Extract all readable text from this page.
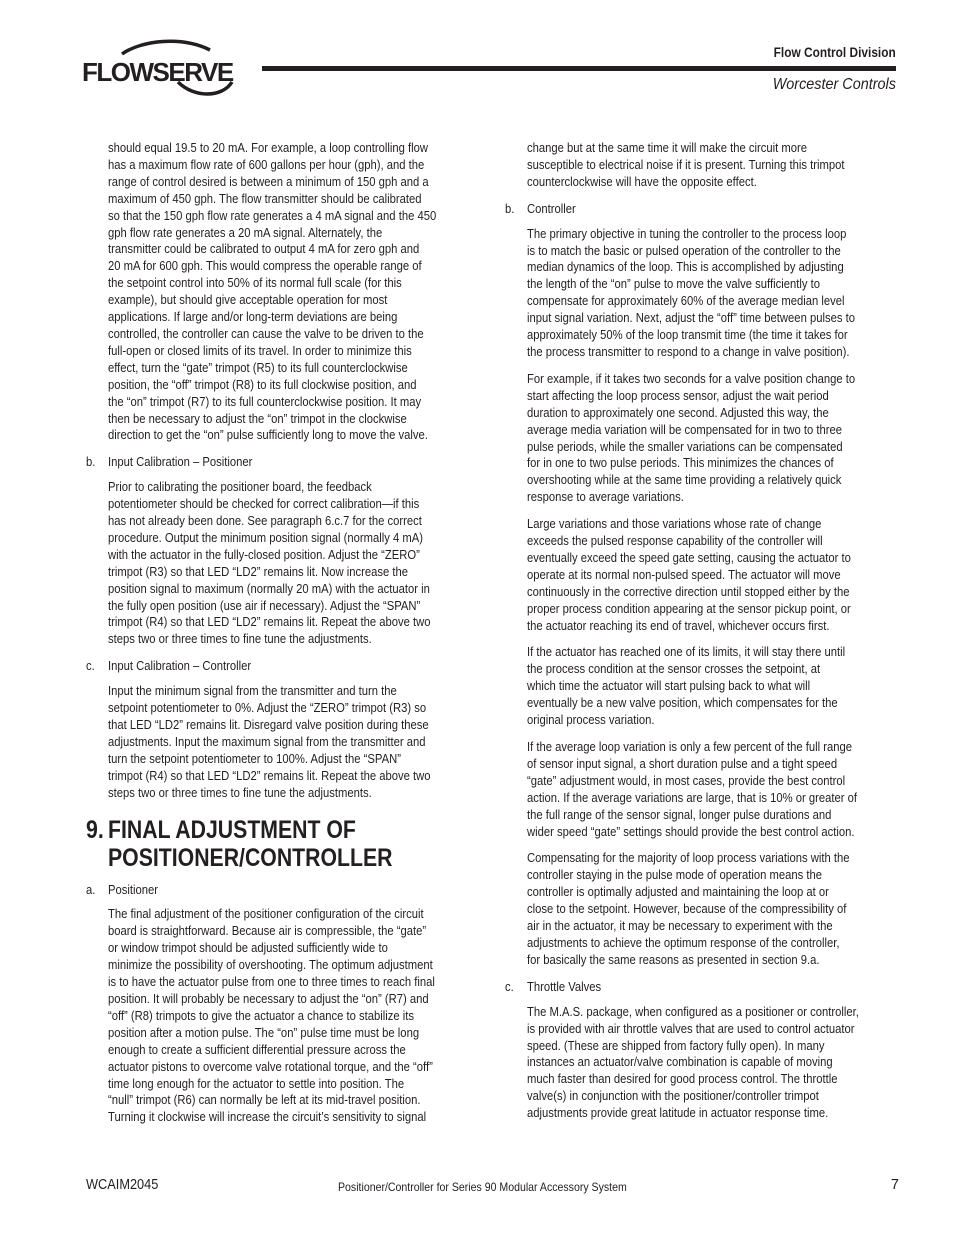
FLOWSERVE
Flow Control Division
Worcester Controls
should equal 19.5 to 20 mA. For example, a loop controlling flow
has a maximum flow rate of 600 gallons per hour (gph), and the
range of control desired is between a minimum of 150 gph and a
maximum of 450 gph. The flow transmitter should be calibrated
so that the 150 gph flow rate generates a 4 mA signal and the 450
gph flow rate generates a 20 mA signal. Alternately, the
transmitter could be calibrated to output 4 mA for zero gph and
20 mA for 600 gph. This would compress the operable range of
the setpoint control into 50% of its normal full scale (for this
example), but should give acceptable operation for most
applications. If large and/or long-term deviations are being
controlled, the controller can cause the valve to be driven to the
full-open or closed limits of its travel. In order to minimize this
effect, turn the “gate” trimpot (R5) to its full counterclockwise
position, the “off” trimpot (R8) to its full clockwise position, and
the “on” trimpot (R7) to its full counterclockwise position. It may
then be necessary to adjust the “on” trimpot in the clockwise
direction to get the “on” pulse sufficiently long to move the valve.
b. Input Calibration – Positioner
Prior to calibrating the positioner board, the feedback
potentiometer should be checked for correct calibration—if this
has not already been done. See paragraph 6.c.7 for the correct
procedure. Output the minimum position signal (normally 4 mA)
with the actuator in the fully-closed position. Adjust the “ZERO”
trimpot (R3) so that LED “LD2” remains lit. Now increase the
position signal to maximum (normally 20 mA) with the actuator in
the fully open position (use air if necessary). Adjust the “SPAN”
trimpot (R4) so that LED “LD2” remains lit. Repeat the above two
steps two or three times to fine tune the adjustments.
c.	Input Calibration – Controller
Input the minimum signal from the transmitter and turn the
setpoint potentiometer to 0%. Adjust the “ZERO” trimpot (R3) so
that LED “LD2” remains lit. Disregard valve position during these
adjustments. Input the maximum signal from the transmitter and
turn the setpoint potentiometer to 100%. Adjust the “SPAN”
trimpot (R4) so that LED “LD2” remains lit. Repeat the above two
steps two or three times to fine tune the adjustments.
9. FINAL ADJUSTMENT OF
POSITIONER/CONTROLLER
a. Positioner
The final adjustment of the positioner configuration of the circuit
board is straightforward. Because air is compressible, the “gate”
or window trimpot should be adjusted sufficiently wide to
minimize the possibility of overshooting. The optimum adjustment
is to have the actuator pulse from one to three times to reach final
position. It will probably be necessary to adjust the “on” (R7) and
“off” (R8) trimpots to give the actuator a chance to stabilize its
position after a motion pulse. The “on” pulse time must be long
enough to create a sufficient differential pressure across the
actuator pistons to overcome valve rotational torque, and the “off”
time long enough for the actuator to settle into position. The
“null” trimpot (R6) can normally be left at its mid-travel position.
Turning it clockwise will increase the circuit’s sensitivity to signal
change but at the same time it will make the circuit more
susceptible to electrical noise if it is present. Turning this trimpot
counterclockwise will have the opposite effect.
b. Controller
The primary objective in tuning the controller to the process loop
is to match the basic or pulsed operation of the controller to the
median dynamics of the loop. This is accomplished by adjusting
the length of the “on” pulse to move the valve sufficiently to
compensate for approximately 60% of the average median level
input signal variation. Next, adjust the “off” time between pulses to
approximately 50% of the loop transmit time (the time it takes for
the process transmitter to respond to a change in valve position).
For example, if it takes two seconds for a valve position change to
start affecting the loop process sensor, adjust the wait period
duration to approximately one second. Adjusted this way, the
average media variation will be compensated for in two to three
pulse periods, while the smaller variations can be compensated
for in one to two pulse periods. This minimizes the chances of
overshooting while at the same time providing a relatively quick
response to average variations.
Large variations and those variations whose rate of change
exceeds the pulsed response capability of the controller will
eventually exceed the speed gate setting, causing the actuator to
operate at its normal non-pulsed speed. The actuator will move
continuously in the corrective direction until stopped either by the
proper process condition appearing at the sensor pickup point, or
the actuator reaching its end of travel, whichever occurs first.
If the actuator has reached one of its limits, it will stay there until
the process condition at the sensor crosses the setpoint, at
which time the actuator will start pulsing back to what will
eventually be a new valve position, which compensates for the
original process variation.
If the average loop variation is only a few percent of the full range
of sensor input signal, a short duration pulse and a tight speed
“gate” adjustment would, in most cases, provide the best control
action. If the average variations are large, that is 10% or greater of
the full range of the sensor signal, longer pulse durations and
wider speed “gate” settings should provide the best control action.
Compensating for the majority of loop process variations with the
controller staying in the pulse mode of operation means the
controller is optimally adjusted and maintaining the loop at or
close to the setpoint. However, because of the compressibility of
air in the actuator, it may be necessary to experiment with the
adjustments to achieve the optimum response of the controller,
for basically the same reasons as presented in section 9.a.
c.	Throttle Valves
The M.A.S. package, when configured as a positioner or controller,
is provided with air throttle valves that are used to control actuator
speed. (These are shipped from factory fully open). In many
instances an actuator/valve combination is capable of moving
much faster than desired for good process control. The throttle
valve(s) in conjunction with the positioner/controller trimpot
adjustments provide great latitude in actuator response time.
WCAIM2045	Positioner/Controller for Series 90 Modular Accessory System	7
